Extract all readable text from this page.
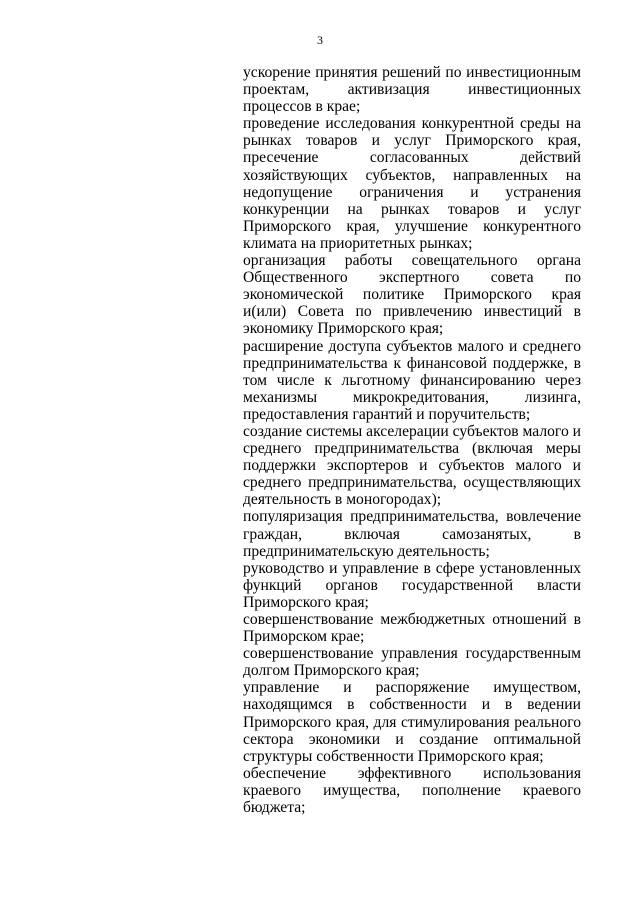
3

ускорение принятия решений по инвестиционным проектам, активизация инвестиционных процессов в крае;

проведение исследования конкурентной среды на рынках товаров и услуг Приморского края, пресечение согласованных действий хозяйствующих субъектов, направленных на недопущение ограничения и устранения конкуренции на рынках товаров и услуг Приморского края, улучшение конкурентного климата на приоритетных рынках;

организация работы совещательного органа Общественного экспертного совета по экономической политике Приморского края и(или) Совета по привлечению инвестиций в экономику Приморского края;

расширение доступа субъектов малого и среднего предпринимательства к финансовой поддержке, в том числе к льготному финансированию через механизмы микрокредитования, лизинга, предоставления гарантий и поручительств;

создание системы акселерации субъектов малого и среднего предпринимательства (включая меры поддержки экспортеров и субъектов малого и среднего предпринимательства, осуществляющих деятельность в моногородах);

популяризация предпринимательства, вовлечение граждан, включая самозанятых, в предпринимательскую деятельность;

руководство и управление в сфере установленных функций органов государственной власти Приморского края;

совершенствование межбюджетных отношений в Приморском крае;

совершенствование управления государственным долгом Приморского края;

управление и распоряжение имуществом, находящимся в собственности и в ведении Приморского края, для стимулирования реального сектора экономики и создание оптимальной структуры собственности Приморского края;

обеспечение эффективного использования краевого имущества, пополнение краевого бюджета;
